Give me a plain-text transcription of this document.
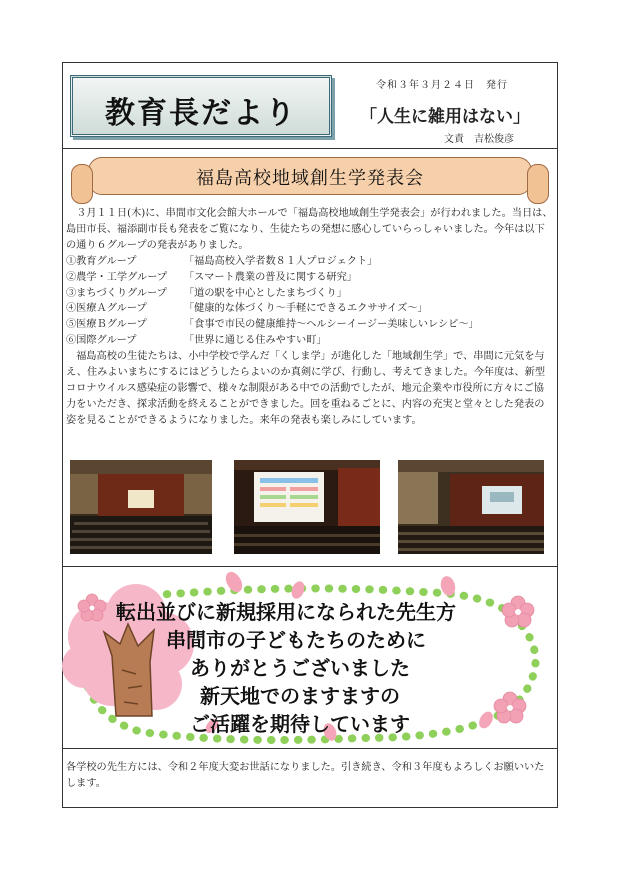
教育長だより
令和３年３月２４日　発行
「人生に雑用はない」
文責　吉松俊彦
福島高校地域創生学発表会

３月１１日(木)に、串間市文化会館大ホールで「福島高校地域創生学発表会」が行われました。当日は、島田市長、福添副市長も発表をご覧になり、生徒たちの発想に感心していらっしゃいました。今年は以下の通り６グループの発表がありました。

①教育グループ	「福島高校入学者数８１人プロジェクト」
②農学・工学グループ 「スマート農業の普及に関する研究」
③まちづくりグループ 「道の駅を中心としたまちづくり」
④医療Ａグループ	「健康的な体づくり～手軽にできるエクササイズ～」
⑤医療Ｂグループ	「食事で市民の健康維持～ヘルシーイージー美味しいレシピ～」
⑥国際グループ	「世界に通じる住みやすい町」

福島高校の生徒たちは、小中学校で学んだ「くしま学」が進化した「地域創生学」で、串間に元気を与え、住みよいまちにするにはどうしたらよいのか真剣に学び、行動し、考えてきました。今年度は、新型コロナウイルス感染症の影響で、様々な制限がある中での活動でしたが、地元企業や市役所に方々にご協力をいただき、探求活動を終えることができました。回を重ねるごとに、内容の充実と堂々とした発表の姿を見ることができるようになりました。来年の発表も楽しみにしています。

転出並びに新規採用になられた先生方
串間市の子どもたちのために
ありがとうございました
新天地でのますますの
ご活躍を期待しています
各学校の先生方には、令和２年度大変お世話になりました。引き続き、令和３年度もよろしくお願いいたします。
